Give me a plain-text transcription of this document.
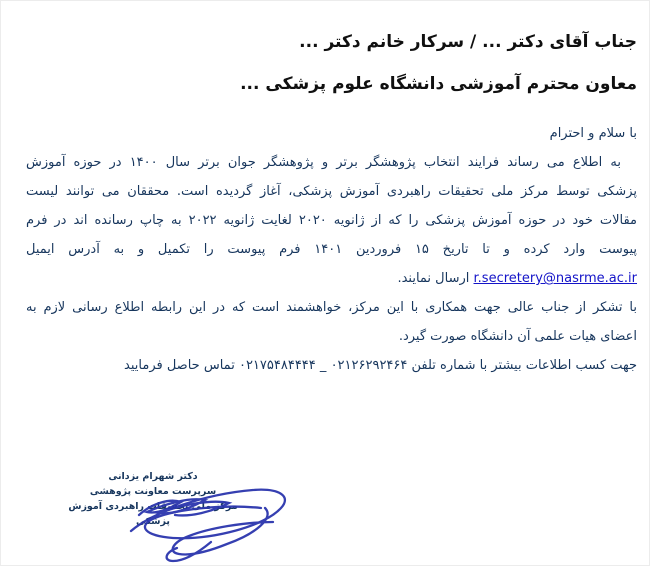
جناب آقای دکتر ... / سرکار خانم دکتر ...
معاون محترم آموزشی دانشگاه علوم پزشکی ...
با سلام و احترام
به اطلاع می رساند فرایند انتخاب پژوهشگر برتر و پژوهشگر جوان برتر سال ۱۴۰۰ در حوزه آموزش
پزشکی توسط مرکز ملی تحقیقات راهبردی آموزش پزشکی، آغاز گردیده است. محققان می توانند لیست
مقالات خود در حوزه آموزش پزشکی را که از ژانویه ۲۰۲۰ لغایت ژانویه ۲۰۲۲ به چاپ رسانده اند در فرم
پیوست وارد کرده و تا تاریخ ۱۵ فروردین ۱۴۰۱ فرم پیوست را تکمیل و به آدرس ایمیل
r.secretery@nasrme.ac.ir ارسال نمایند.
با تشکر از جناب عالی جهت همکاری با این مرکز، خواهشمند است که در این رابطه اطلاع رسانی لازم به
اعضای هیات علمی آن دانشگاه صورت گیرد.
جهت کسب اطلاعات بیشتر با شماره تلفن ۰۲۱۷۵۴۸۴۴۴۴ _ ۰۲۱۲۶۲۹۲۴۶۴ تماس حاصل فرمایید
دکتر شهرام یزدانی
سرپرست معاونت پژوهشی
مرکز ملی تحقیقات راهبردی آموزش پزشکی
